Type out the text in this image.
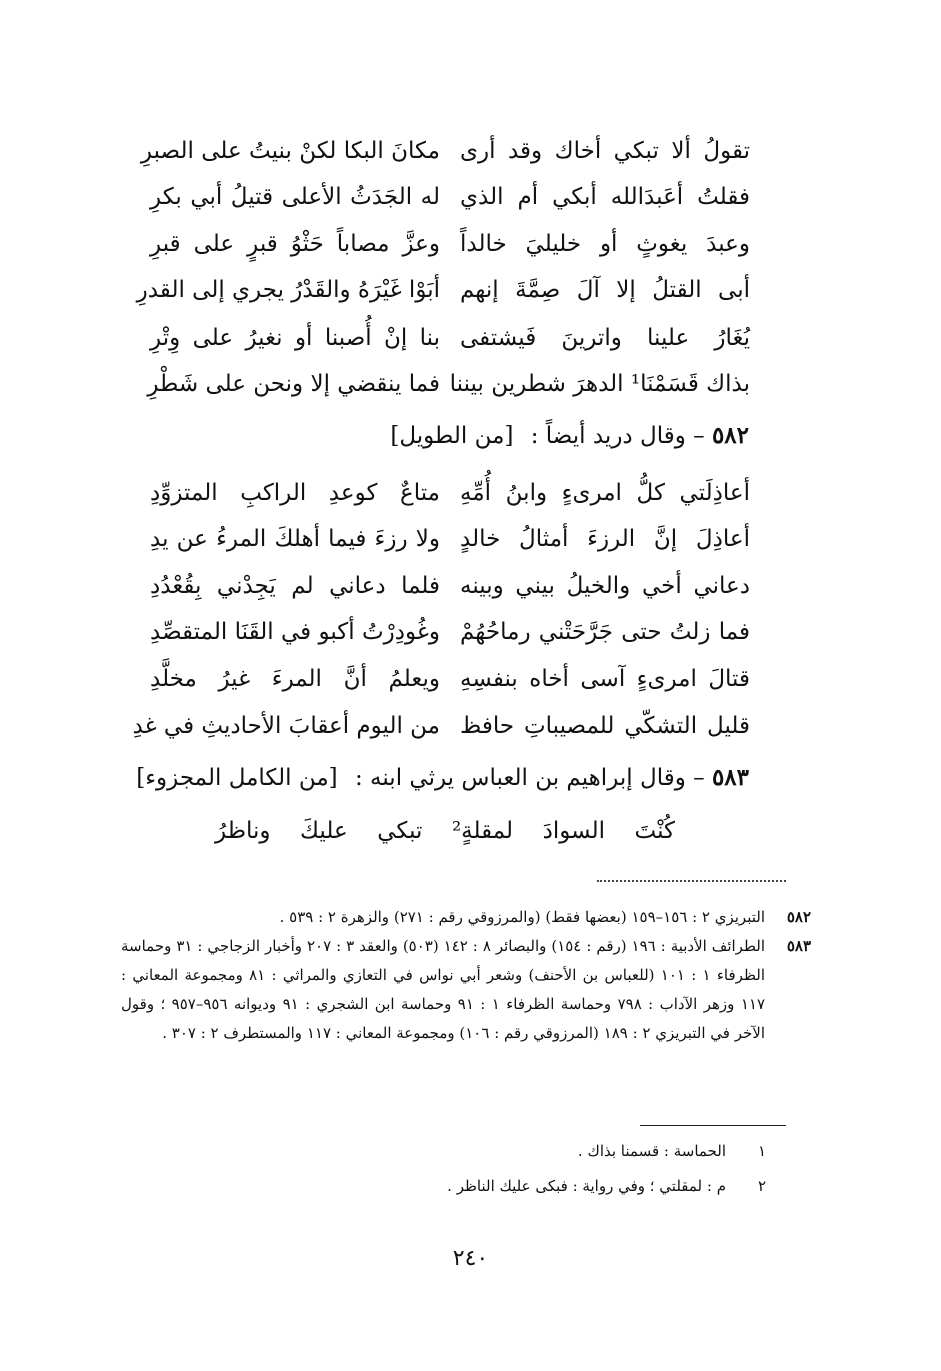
تقولُ ألا تبكي أخاك وقد أرى
مكانَ البكا لكنْ بنيتُ على الصبرِ
فقلتُ أعَبدَالله أبكي أم الذي
له الجَدَثُ الأعلى قتيلُ أبي بكرِ
وعبدَ يغوثٍ أو خليليَ خالداً
وعزَّ مصاباً حَثْوُ قبرٍ على قبرِ
أبى القتلُ إلا آلَ صِمَّةَ إنهم
أبَوْا غَيْرَهُ والقَدْرُ يجري إلى القدرِ
يُغَارُ علينا واترينَ فَيشتفى
بنا إنْ أُصبنا أو نغيرُ على وِتْرِ
بذاك قَسَمْنَا¹ الدهرَ شطرين بيننا
فما ينقضي إلا ونحن على شَطْرِ
٥٨٢ – وقال دريد أيضاً : [من الطويل]
أعاذِلَتي كلُّ امرىءٍ وابنُ أُمِّهِ
متاعٌ كوعدِ الراكبِ المتزوِّدِ
أعاذِلَ إنَّ الرزءَ أمثالُ خالدٍ
ولا رزءَ فيما أهلكَ المرءُ عن يدِ
دعاني أخي والخيلُ بيني وبينه
فلما دعاني لم يَجِدْني بِقُعْدُدِ
فما زلتُ حتى جَرَّحَتْني رماحُهُمْ
وغُودِرْتُ أكبو في القَنَا المتقصِّدِ
قتالَ امرىءٍ آسى أخاه بنفسِهِ
ويعلمُ أنَّ المرءَ غيرُ مخلَّدِ
قليل التشكّي للمصيباتِ حافظ
من اليوم أعقابَ الأحاديثِ في غدِ
٥٨٣ – وقال إبراهيم بن العباس يرثي ابنه : [من الكامل المجزوء]
كُنْتَ السوادَ لمقلةٍ² تبكي عليكَ وناظرُ
٥٨٢
التبريزي ٢ : ١٥٦–١٥٩ (بعضها فقط) (والمرزوقي رقم : ٢٧١) والزهرة ٢ : ٥٣٩ .
٥٨٣
الطرائف الأدبية : ١٩٦ (رقم : ١٥٤) والبصائر ٨ : ١٤٢ (٥٠٣) والعقد ٣ : ٢٠٧ وأخبار الزجاجي : ٣١ وحماسة الظرفاء ١ : ١٠١ (للعباس بن الأحنف) وشعر أبي نواس في التعازي والمراثي : ٨١ ومجموعة المعاني : ١١٧ وزهر الآداب : ٧٩٨ وحماسة الظرفاء ١ : ٩١ وحماسة ابن الشجري : ٩١ وديوانه ٩٥٦–٩٥٧ ؛ وقول الآخر في التبريزي ٢ : ١٨٩ (المرزوقي رقم : ١٠٦) ومجموعة المعاني : ١١٧ والمستطرف ٢ : ٣٠٧ .
١
الحماسة : قسمنا بذاك .
٢
م : لمقلتي ؛ وفي رواية : فبكى عليك الناظر .
٢٤٠
